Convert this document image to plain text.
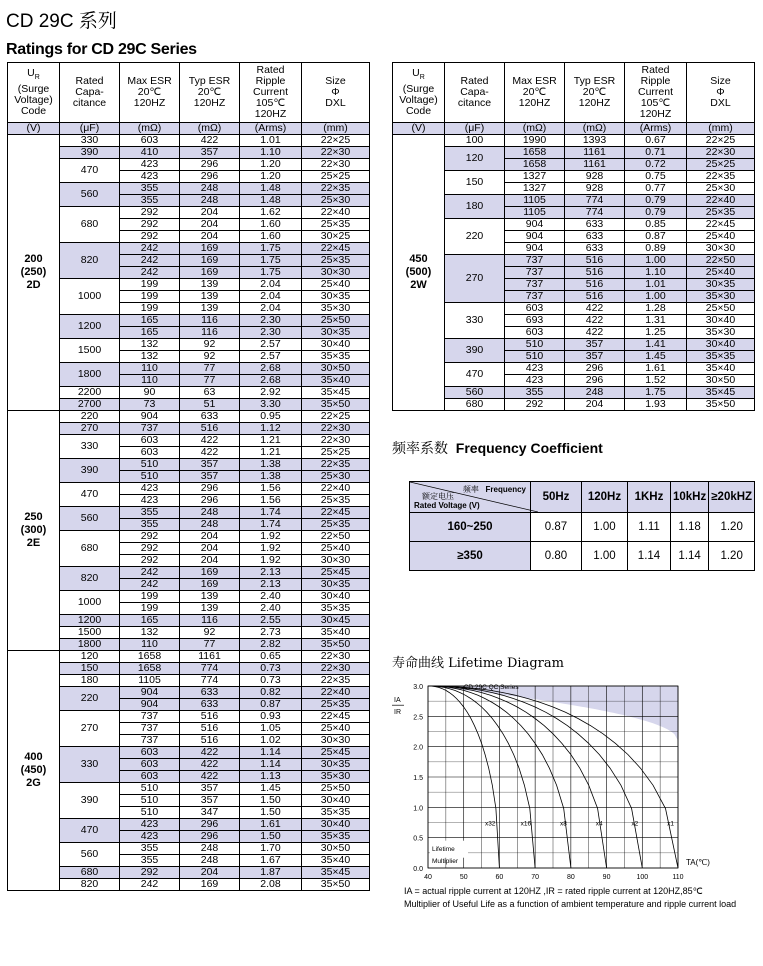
CD 29C 系列
Ratings for CD 29C Series
$U_R$
(Surge
Voltage)
Code	Rated
Capa-
citance	Max ESR
20℃
120HZ	Typ ESR
20℃
120HZ	Rated
Ripple
Current
105℃
120HZ	Size
Φ
DXL
(V)	(μF)	(mΩ)	(mΩ)	(Arms)	(mm)
200
(250)
2D	330	603	422	1.01	22×25
	390	410	357	1.10	22×30
	470	423	296	1.20	22×30
		423	296	1.20	25×25
	560	355	248	1.48	22×35
		355	248	1.48	25×30
	680	292	204	1.62	22×40
		292	204	1.60	25×35
		292	204	1.60	30×25
	820	242	169	1.75	22×45
		242	169	1.75	25×35
		242	169	1.75	30×30
	1000	199	139	2.04	25×40
		199	139	2.04	30×35
		199	139	2.04	35×30
	1200	165	116	2.30	25×50
		165	116	2.30	30×35
	1500	132	92	2.57	30×40
		132	92	2.57	35×35
	1800	110	77	2.68	30×50
		110	77	2.68	35×40
	2200	90	63	2.92	35×45
	2700	73	51	3.30	35×50
250
(300)
2E	220	904	633	0.95	22×25
	270	737	516	1.12	22×30
	330	603	422	1.21	22×30
		603	422	1.21	25×25
	390	510	357	1.38	22×35
		510	357	1.38	25×30
	470	423	296	1.56	22×40
		423	296	1.56	25×35
	560	355	248	1.74	22×45
		355	248	1.74	25×35
	680	292	204	1.92	22×50
		292	204	1.92	25×40
		292	204	1.92	30×30
	820	242	169	2.13	25×45
		242	169	2.13	30×35
	1000	199	139	2.40	30×40
		199	139	2.40	35×35
	1200	165	116	2.55	30×45
	1500	132	92	2.73	35×40
	1800	110	77	2.82	35×50
400
(450)
2G	120	1658	1161	0.65	22×30
	150	1658	774	0.73	22×30
	180	1105	774	0.73	22×35
	220	904	633	0.82	22×40
		904	633	0.87	25×35
	270	737	516	0.93	22×45
		737	516	1.05	25×40
		737	516	1.02	30×30
	330	603	422	1.14	25×45
		603	422	1.14	30×35
		603	422	1.13	35×30
	390	510	357	1.45	25×50
		510	357	1.50	30×40
		510	347	1.50	35×35
	470	423	296	1.61	30×40
		423	296	1.50	35×35
	560	355	248	1.70	30×50
		355	248	1.67	35×40
	680	292	204	1.87	35×45
	820	242	169	2.08	35×50
$U_R$
(Surge
Voltage)
Code	Rated
Capa-
citance	Max ESR
20℃
120HZ	Typ ESR
20℃
120HZ	Rated
Ripple
Current
105℃
120HZ	Size
Φ
DXL
(V)	(μF)	(mΩ)	(mΩ)	(Arms)	(mm)
450
(500)
2W	100	1990	1393	0.67	22×25
	120	1658	1161	0.71	22×30
		1658	1161	0.72	25×25
	150	1327	928	0.75	22×35
		1327	928	0.77	25×30
	180	1105	774	0.79	22×40
		1105	774	0.79	25×35
	220	904	633	0.85	22×45
		904	633	0.87	25×40
		904	633	0.89	30×30
	270	737	516	1.00	22×50
		737	516	1.10	25×40
		737	516	1.01	30×35
		737	516	1.00	35×30
	330	603	422	1.28	25×50
		693	422	1.31	30×40
		603	422	1.25	35×30
	390	510	357	1.41	30×40
		510	357	1.45	35×35
	470	423	296	1.61	35×40
		423	296	1.52	30×50
	560	355	248	1.75	35×45
	680	292	204	1.93	35×50
频率系数 Frequency Coefficient
频率 Frequency
额定电压
Rated Voltage (V)	50Hz	120Hz	1KHz	10kHz	≥20kHZ
160~250	0.87	1.00	1.11	1.18	1.20
≥350	0.80	1.00	1.14	1.14	1.20
寿命曲线 Lifetime Diagram
40	50	60	70	80	90	100	110
0.0
0.5
1.0
1.5
2.0
2.5
3.0
x32	x16	x8	x4	x2	x1
CD 29C QC Series
IA
IR
TA(℃)
Lifetime
Multiplier
IA = actual ripple current at 120HZ ,IR = rated ripple current at 120HZ,85℃
Multiplier of Useful Life as a function of ambient temperature and ripple current load
